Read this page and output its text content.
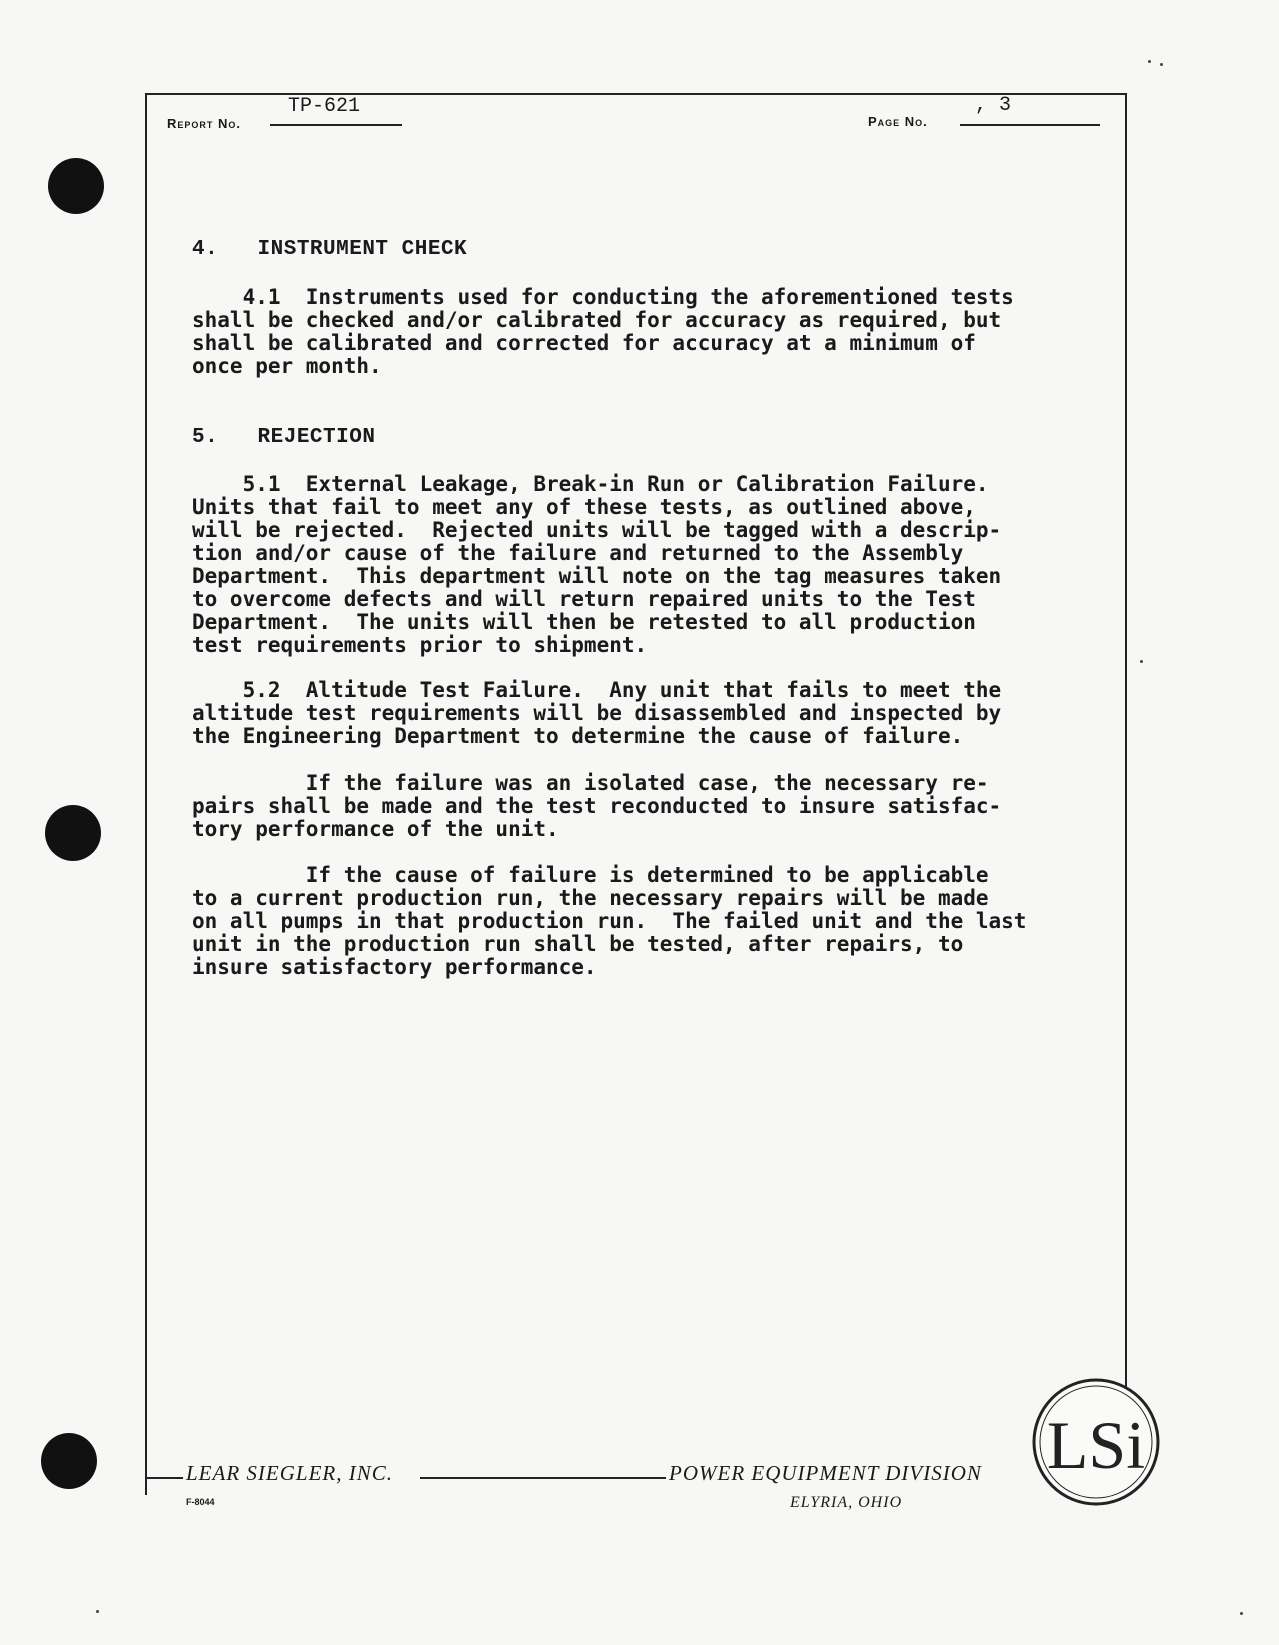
Report No.
TP-621
Page No.
, 3
4.   INSTRUMENT CHECK
4.1  Instruments used for conducting the aforementioned tests
shall be checked and/or calibrated for accuracy as required, but
shall be calibrated and corrected for accuracy at a minimum of
once per month.
5.   REJECTION
5.1  External Leakage, Break-in Run or Calibration Failure.
Units that fail to meet any of these tests, as outlined above,
will be rejected.  Rejected units will be tagged with a descrip-
tion and/or cause of the failure and returned to the Assembly
Department.  This department will note on the tag measures taken
to overcome defects and will return repaired units to the Test
Department.  The units will then be retested to all production
test requirements prior to shipment.
5.2  Altitude Test Failure.  Any unit that fails to meet the
altitude test requirements will be disassembled and inspected by
the Engineering Department to determine the cause of failure.
If the failure was an isolated case, the necessary re-
pairs shall be made and the test reconducted to insure satisfac-
tory performance of the unit.
If the cause of failure is determined to be applicable
to a current production run, the necessary repairs will be made
on all pumps in that production run.  The failed unit and the last
unit in the production run shall be tested, after repairs, to
insure satisfactory performance.
LEAR SIEGLER, INC.	POWER EQUIPMENT DIVISION
F-8044	ELYRIA, OHIO
LSi
